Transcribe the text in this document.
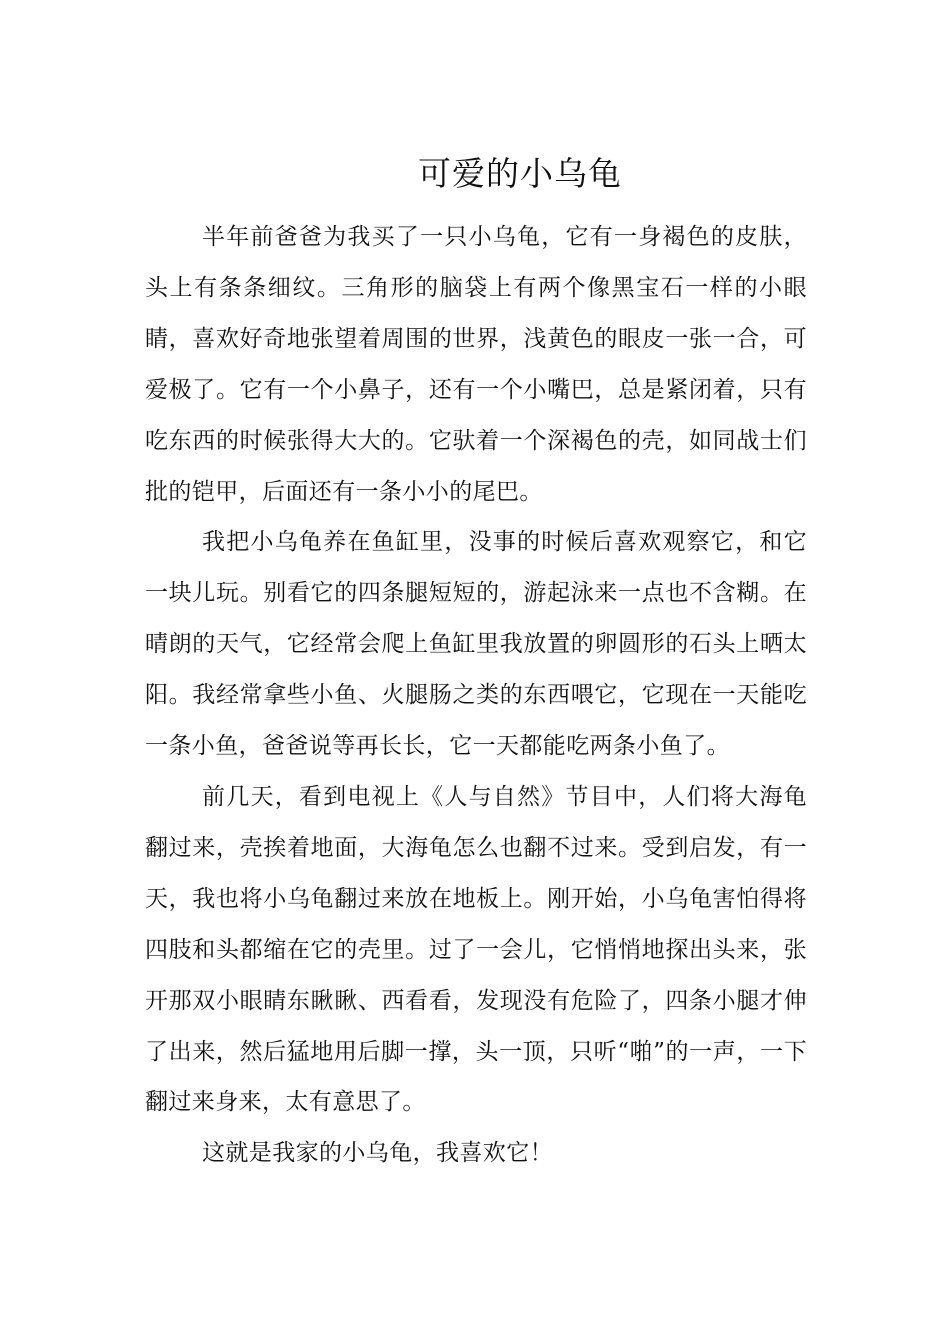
可爱的小乌龟

半年前爸爸为我买了一只小乌龟，它有一身褐色的皮肤，头上有条条细纹。三角形的脑袋上有两个像黑宝石一样的小眼睛，喜欢好奇地张望着周围的世界，浅黄色的眼皮一张一合，可爱极了。它有一个小鼻子，还有一个小嘴巴，总是紧闭着，只有吃东西的时候张得大大的。它驮着一个深褐色的壳，如同战士们批的铠甲，后面还有一条小小的尾巴。

我把小乌龟养在鱼缸里，没事的时候后喜欢观察它，和它一块儿玩。别看它的四条腿短短的，游起泳来一点也不含糊。在晴朗的天气，它经常会爬上鱼缸里我放置的卵圆形的石头上晒太阳。我经常拿些小鱼、火腿肠之类的东西喂它，它现在一天能吃一条小鱼，爸爸说等再长长，它一天都能吃两条小鱼了。

前几天，看到电视上《人与自然》节目中，人们将大海龟翻过来，壳挨着地面，大海龟怎么也翻不过来。受到启发，有一天，我也将小乌龟翻过来放在地板上。刚开始，小乌龟害怕得将四肢和头都缩在它的壳里。过了一会儿，它悄悄地探出头来，张开那双小眼睛东瞅瞅、西看看，发现没有危险了，四条小腿才伸了出来，然后猛地用后脚一撑，头一顶，只听“啪”的一声，一下翻过来身来，太有意思了。

这就是我家的小乌龟，我喜欢它！
